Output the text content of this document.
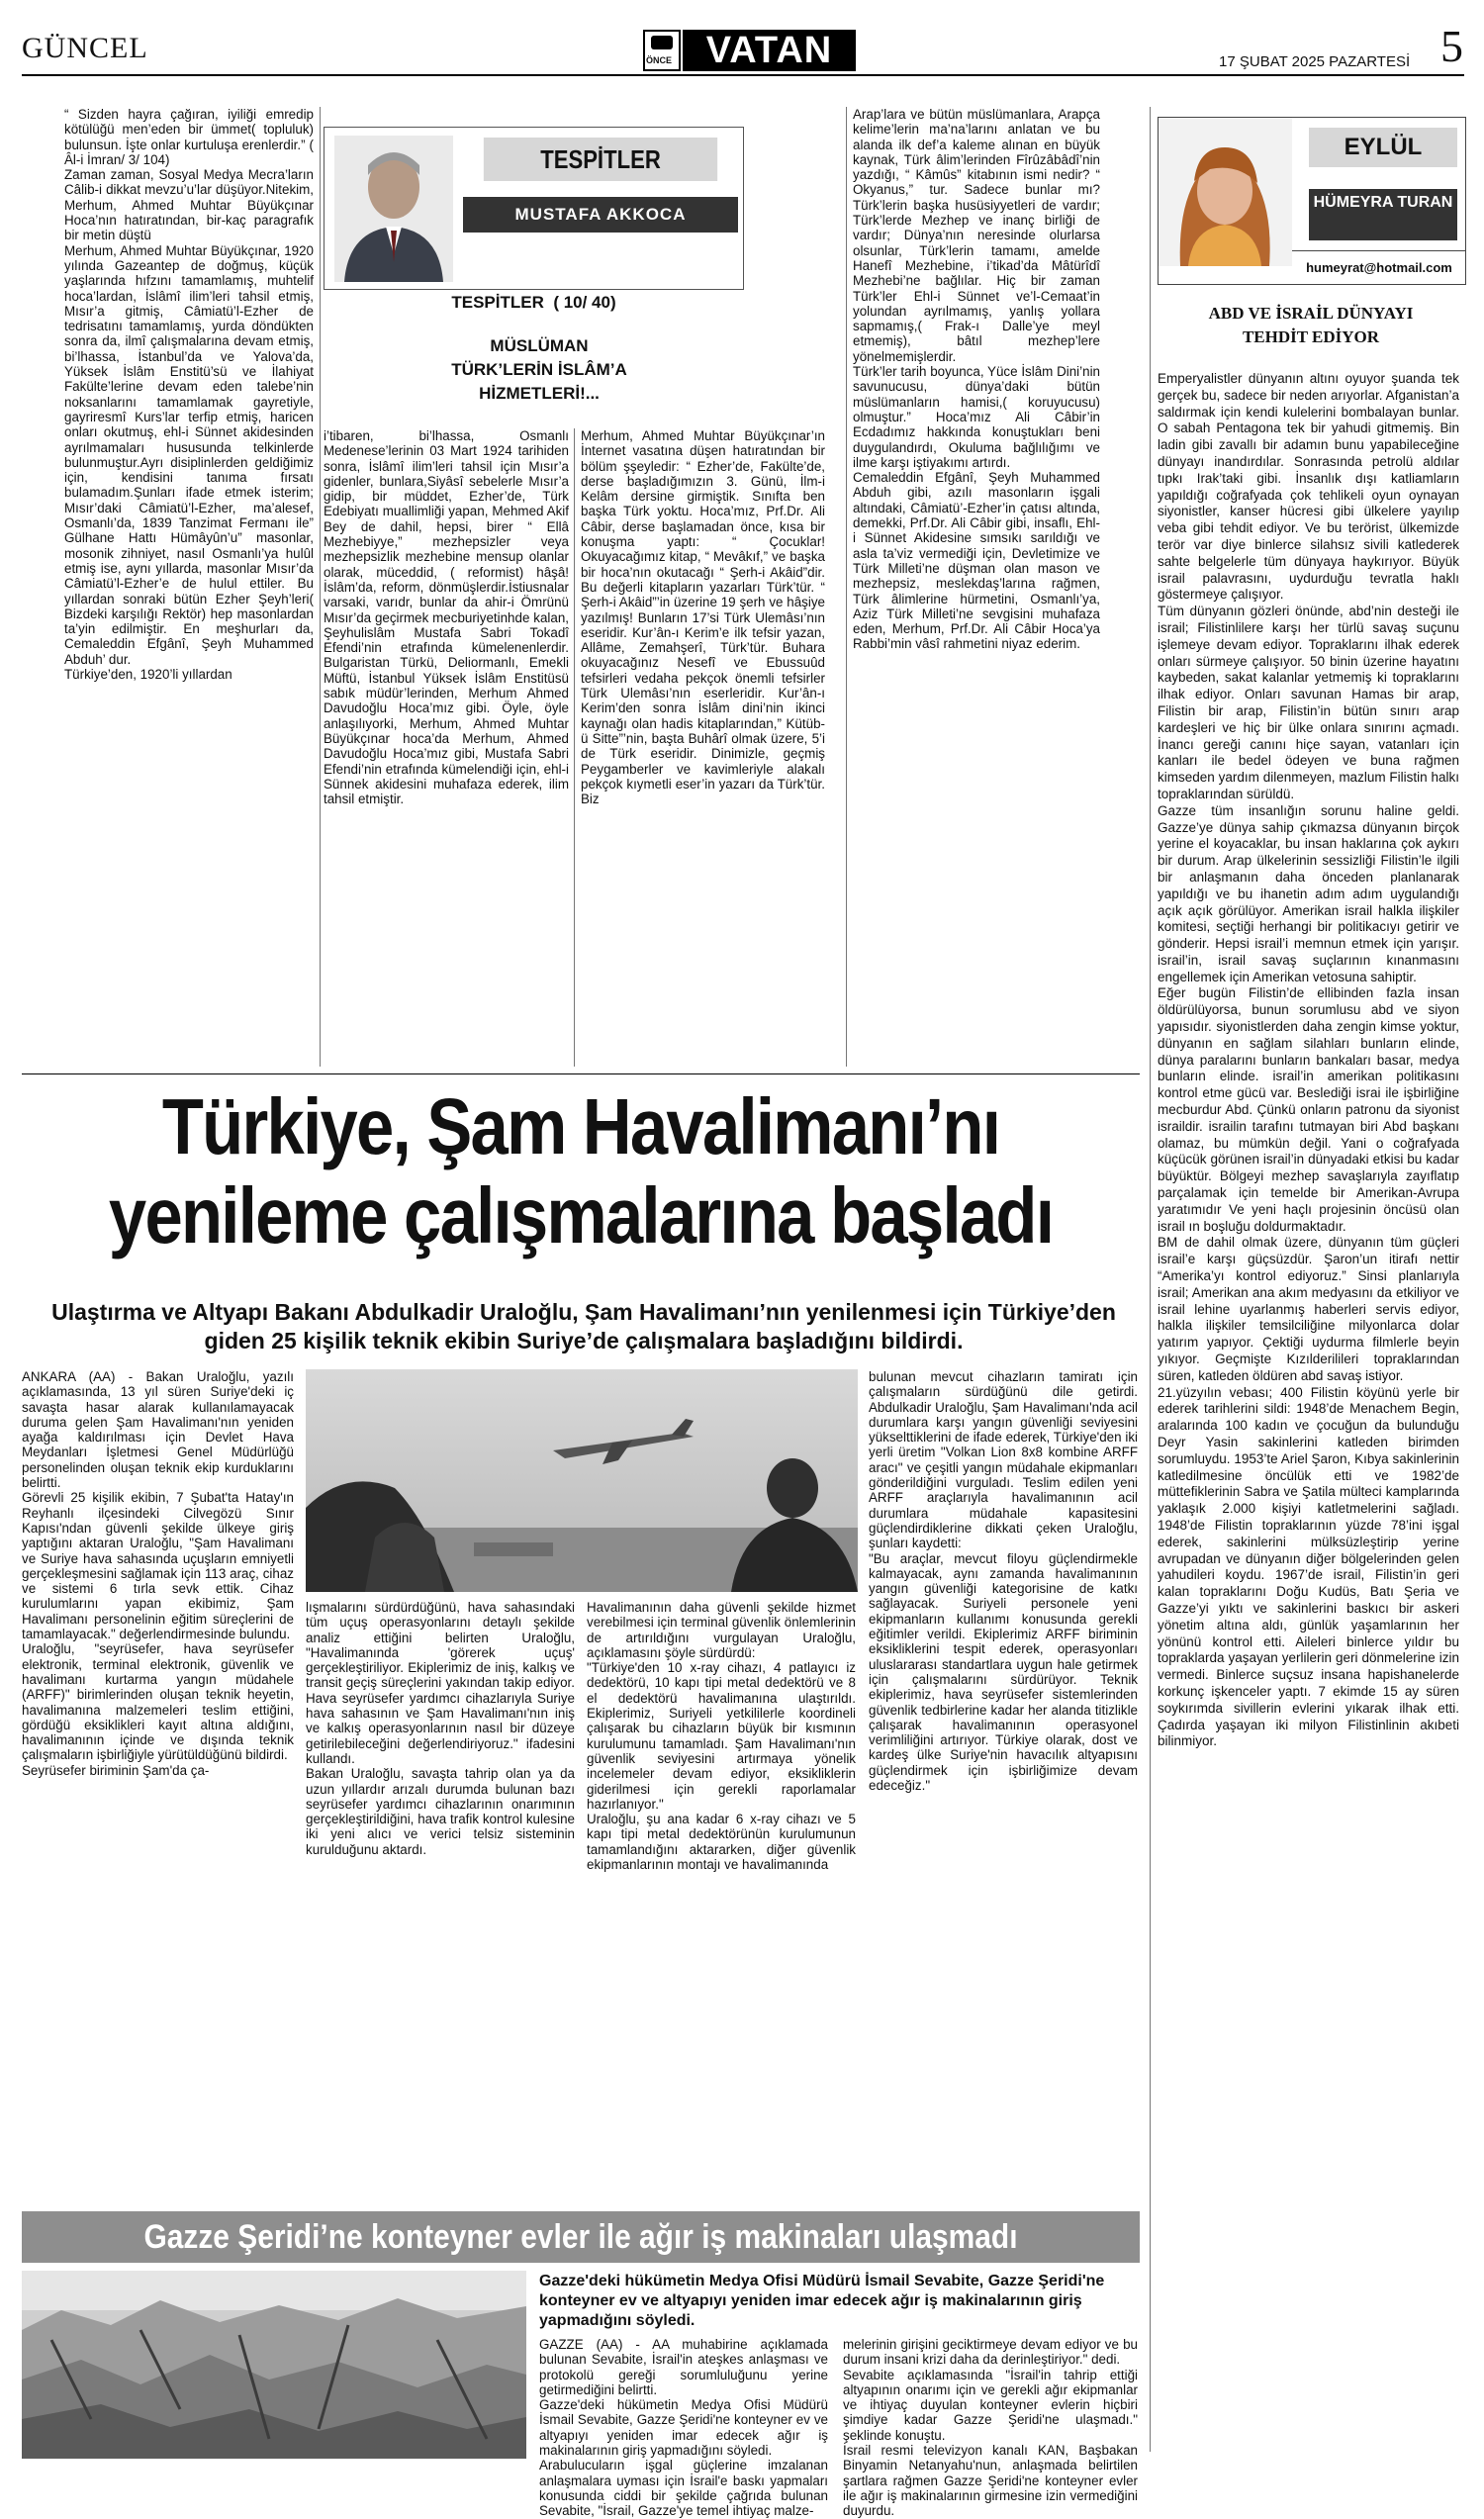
GÜNCEL	ÖNCE VATAN	17 ŞUBAT 2025 PAZARTESİ 5
“ Sizden hayra çağıran, iyiliği emredip kötülüğü men’eden bir ümmet( topluluk) bulunsun. İşte onlar kurtuluşa erenlerdir.” ( Âl-i İmran/ 3/ 104)
Zaman zaman, Sosyal Medya Mecra’ların Câlib-i dikkat mevzu’u’lar düşüyor.Nitekim, Merhum, Ahmed Muhtar Büyükçınar Hoca’nın hatıratından, bir-kaç paragrafık bir metin düştü
Merhum, Ahmed Muhtar Büyükçınar, 1920 yılında Gazeantep de doğmuş, küçük yaşlarında hıfzını tamamlamış, muhtelif hoca’lardan, İslâmî ilim’leri tahsil etmiş, Mısır’a gitmiş, Câmiatü’l-Ezher de tedrisatını tamamlamış, yurda döndükten sonra da, ilmî çalışmalarına devam etmiş, bi’lhassa, İstanbul’da ve Yalova’da, Yüksek İslâm Enstitü’sü ve İlahiyat Fakülte’lerine devam eden talebe’nin noksanlarını tamamlamak gayretiyle, gayriresmî Kurs’lar terfip etmiş, haricen onları okutmuş, ehl-i Sünnet akidesinden ayrılmamaları hususunda telkinlerde bulunmuştur.Ayrı disiplinlerden geldiğimiz için, kendisini tanıma fırsatı bulamadım.Şunları ifade etmek isterim; Mısır’daki Câmiatü’l-Ezher, ma’alesef, Osmanlı’da, 1839 Tanzimat Fermanı ile” Gülhane Hattı Hümâyûn’u” masonlar, mosonik zihniyet, nasıl Osmanlı’ya hulûl etmiş ise, aynı yıllarda, masonlar Mısır’da Câmiatü’l-Ezher’e de hulul ettiler. Bu yıllardan sonraki bütün Ezher Şeyh’leri( Bizdeki karşılığı Rektör) hep masonlardan ta’yin edilmiştir. En meşhurları da, Cemaleddin Efgânî, Şeyh Muhammed Abduh’ dur.
Türkiye’den, 1920’li yıllardan
TESPİTLER
MUSTAFA AKKOCA
TESPİTLER  ( 10/ 40)
MÜSLÜMAN TÜRK’LERİN İSLÂM’A HİZMETLERİ!...
i’tibaren, bi’lhassa, Osmanlı Medenese’lerinin 03 Mart 1924 tarihiden sonra, İslâmî ilim’leri tahsil için Mısır’a gidenler, bunlara,Siyâsî sebelerle Mısır’a gidip, bir müddet, Ezher’de, Türk Edebiyatı muallimliği yapan, Mehmed Akif Bey de dahil, hepsi, birer “ Ellâ Mezhebiyye,” mezhepsizler veya mezhepsizlik mezhebine mensup olanlar olarak, müceddid, ( reformist) hâşâ! İslâm’da, reform, dönmüşlerdir.İstiusnalar varsaki, varıdr, bunlar da ahir-i Ömrünü Mısır’da geçirmek mecburiyetinhde kalan, Şeyhulislâm Mustafa Sabri Tokadî Efendi’nin etrafında kümelenenlerdir. Bulgaristan Türkü, Deliormanlı, Emekli Müftü, İstanbul Yüksek İslâm Enstitüsü sabık müdür’lerinden, Merhum Ahmed Davudoğlu Hoca’mız gibi. Öyle, öyle anlaşılıyorki, Merhum, Ahmed Muhtar Büyükçınar hoca’da Merhum, Ahmed Davudoğlu Hoca’mız gibi, Mustafa Sabri Efendi’nin etrafında kümelendiği için, ehl-i Sünnek akidesini muhafaza ederek, ilim tahsil etmiştir.
Merhum, Ahmed Muhtar Büyükçınar’ın İnternet vasatına düşen hatıratından bir bölüm şşeyledir: “ Ezher’de, Fakülte’de, derse başladığımızın 3. Günü, İlm-i Kelâm dersine girmiştik. Sınıfta ben başka Türk yoktu. Hoca’mız, Prf.Dr. Ali Câbir, derse başlamadan önce, kısa bir konuşma yaptı: “ Çocuklar! Okuyacağımız kitap, “ Mevâkıf,” ve başka bir hoca’nın okutacağı “ Şerh-i Akâid”dir. Bu değerli kitapların yazarları Türk’tür. “ Şerh-i Akâid”’in üzerine 19 şerh ve hâşiye yazılmış! Bunların 17’si Türk Ulemâsı’nın eseridir. Kur’ân-ı Kerim’e ilk tefsir yazan, Allâme, Zemahşerî, Türk’tür. Buhara okuyacağınız Nesefî ve Ebussuûd tefsirleri vedaha pekçok önemli tefsirler Türk Ulemâsı’nın eserleridir. Kur’ân-ı Kerim’den sonra İslâm dini’nin ikinci kaynağı olan hadis kitaplarından,” Kütüb-ü Sitte”’nin, başta Buhârî olmak üzere, 5’i de Türk eseridir. Dinimizle, geçmiş Peygamberler ve kavimleriyle alakalı pekçok kıymetli eser’in yazarı da Türk’tür. Biz
Arap’lara ve bütün müslümanlara, Arapça kelime’lerin ma’na’larını anlatan ve bu alanda ilk def’a kaleme alınan en büyük kaynak, Türk âlim’lerinden Fîrûzâbâdî’nin yazdığı, “ Kâmûs” kitabının ismi nedir? “ Okyanus,” tur. Sadece bunlar mı? Türk’lerin başka husüsiyyetleri de vardır; Türk’lerde Mezhep ve inanç birliği de vardır; Dünya’nın neresinde olurlarsa olsunlar, Türk’lerin tamamı, amelde Hanefî Mezhebine, i’tikad’da Mâtürîdî Mezhebi’ne bağlılar. Hiç bir zaman Türk’ler Ehl-i Sünnet ve’l-Cemaat’in yolundan ayrılmamış, yanlış yollara sapmamış,( Frak-ı Dalle’ye meyl etmemiş), bâtıl mezhep’lere yönelmemişlerdir.
Türk’ler tarih boyunca, Yüce İslâm Dini’nin savunucusu, dünya’daki bütün müslümanların hamisi,( koruyucusu) olmuştur.” Hoca’mız Ali Câbir’in Ecdadımız hakkında konuştukları beni duygulandırdı, Okuluma bağlılığımı ve ilme karşı iştiyakımı artırdı.
Cemaleddin Efgânî, Şeyh Muhammed Abduh gibi, azılı masonların işgali altındaki, Câmiatü’-Ezher’in çatısı altında, demekki, Prf.Dr. Ali Câbir gibi, insaflı, Ehl-i Sünnet Akidesine sımsıkı sarıldığı ve asla ta’viz vermediği için, Devletimize ve Türk Milleti’ne düşman olan mason ve mezhepsiz, meslekdaş’larına rağmen, Türk âlimlerine hürmetini, Osmanlı’ya, Aziz Türk Milleti’ne sevgisini muhafaza eden, Merhum, Prf.Dr. Ali Câbir Hoca’ya Rabbi’min vâsî rahmetini niyaz ederim.
EYLÜL
HÜMEYRA TURAN
humeyrat@hotmail.com
ABD VE İSRAİL DÜNYAYI TEHDİT EDİYOR
Emperyalistler dünyanın altını oyuyor şuanda tek gerçek bu, sadece bir neden arıyorlar. Afganistan’a saldırmak için kendi kulelerini bombalayan bunlar. O sabah Pentagona tek bir yahudi gitmemiş. Bin ladin gibi zavallı bir adamın bunu yapabileceğine dünyayı inandırdılar. Sonrasında petrolü aldılar tıpkı Irak’taki gibi. İnsanlık dışı katliamların yapıldığı coğrafyada çok tehlikeli oyun oynayan siyonistler, kanser hücresi gibi ülkelere yayılıp veba gibi tehdit ediyor. Ve bu terörist, ülkemizde terör var diye binlerce silahsız sivili katlederek sahte belgelerle tüm dünyaya haykırıyor. Büyük israil palavrasını, uydurduğu tevratla haklı göstermeye çalışıyor.
Tüm dünyanın gözleri önünde, abd’nin desteği ile israil; Filistinlilere karşı her türlü savaş suçunu işlemeye devam ediyor. Topraklarını ilhak ederek onları sürmeye çalışıyor. 50 binin üzerine hayatını kaybeden, sakat kalanlar yetmemiş ki topraklarını ilhak ediyor. Onları savunan Hamas bir arap, Filistin bir arap, Filistin’in bütün sınırı arap kardeşleri ve hiç bir ülke onlara sınırını açmadı. İnancı gereği canını hiçe sayan, vatanları için kanları ile bedel ödeyen ve buna rağmen kimseden yardım dilenmeyen, mazlum Filistin halkı topraklarından sürüldü.
Gazze tüm insanlığın sorunu haline geldi. Gazze’ye dünya sahip çıkmazsa dünyanın birçok yerine el koyacaklar, bu insan haklarına çok aykırı bir durum. Arap ülkelerinin sessizliği Filistin’le ilgili bir anlaşmanın daha önceden planlanarak yapıldığı ve bu ihanetin adım adım uygulandığı açık açık görülüyor. Amerikan israil halkla ilişkiler komitesi, seçtiği herhangi bir politikacıyı getirir ve gönderir. Hepsi israil’i memnun etmek için yarışır. israil’in, israil savaş suçlarının kınanmasını engellemek için Amerikan vetosuna sahiptir.
Eğer bugün Filistin’de ellibinden fazla insan öldürülüyorsa, bunun sorumlusu abd ve siyon yapısıdır. siyonistlerden daha zengin kimse yoktur, dünyanın en sağlam silahları bunların elinde, dünya paralarını bunların bankaları basar, medya bunların elinde. israil’in amerikan politikasını kontrol etme gücü var. Beslediği israi ile işbirliğine mecburdur Abd. Çünkü onların patronu da siyonist israildir. israilin tarafını tutmayan biri Abd başkanı olamaz, bu mümkün değil. Yani o coğrafyada küçücük görünen israil’in dünyadaki etkisi bu kadar büyüktür. Bölgeyi mezhep savaşlarıyla zayıflatıp parçalamak için temelde bir Amerikan-Avrupa yaratımıdır Ve yeni haçlı projesinin öncüsü olan israil ın boşluğu doldurmaktadır.
BM de dahil olmak üzere, dünyanın tüm güçleri israil’e karşı güçsüzdür. Şaron’un itirafı nettir “Amerika’yı kontrol ediyoruz.” Sinsi planlarıyla israil; Amerikan ana akım medyasını da etkiliyor ve israil lehine uyarlanmış haberleri servis ediyor, halkla ilişkiler temsilciliğine milyonlarca dolar yatırım yapıyor. Çektiği uydurma filmlerle beyin yıkıyor. Geçmişte Kızılderilileri topraklarından süren, katleden öldüren abd savaş istiyor.
21.yüzyılın vebası; 400 Filistin köyünü yerle bir ederek tarihlerini sildi: 1948’de Menachem Begin, aralarında 100 kadın ve çocuğun da bulunduğu Deyr Yasin sakinlerini katleden birimden sorumluydu. 1953’te Ariel Şaron, Kıbya sakinlerinin katledilmesine öncülük etti ve 1982’de müttefiklerinin Sabra ve Şatila mülteci kamplarında yaklaşık 2.000 kişiyi katletmelerini sağladı. 1948’de Filistin topraklarının yüzde 78’ini işgal ederek, sakinlerini mülksüzleştirip yerine avrupadan ve dünyanın diğer bölgelerinden gelen yahudileri koydu. 1967’de israil, Filistin’in geri kalan topraklarını Doğu Kudüs, Batı Şeria ve Gazze’yi yıktı ve sakinlerini baskıcı bir askeri yönetim altına aldı, günlük yaşamlarının her yönünü kontrol etti. Aileleri binlerce yıldır bu topraklarda yaşayan yerlilerin geri dönmelerine izin vermedi. Binlerce suçsuz insana hapishanelerde korkunç işkenceler yaptı. 7 ekimde 15 ay süren soykırımda sivillerin evlerini yıkarak ilhak etti. Çadırda yaşayan iki milyon Filistinlinin akıbeti bilinmiyor.
Türkiye, Şam Havalimanı’nı
yenileme çalışmalarına başladı
Ulaştırma ve Altyapı Bakanı Abdulkadir Uraloğlu, Şam Havalimanı’nın yenilenmesi için Türkiye’den giden 25 kişilik teknik ekibin Suriye’de çalışmalara başladığını bildirdi.
ANKARA (AA) - Bakan Uraloğlu, yazılı açıklamasında, 13 yıl süren Suriye'deki iç savaşta hasar alarak kullanılamayacak duruma gelen Şam Havalimanı'nın yeniden ayağa kaldırılması için Devlet Hava Meydanları İşletmesi Genel Müdürlüğü personelinden oluşan teknik ekip kurduklarını belirtti.
Görevli 25 kişilik ekibin, 7 Şubat'ta Hatay'ın Reyhanlı ilçesindeki Cilvegözü Sınır Kapısı'ndan güvenli şekilde ülkeye giriş yaptığını aktaran Uraloğlu, "Şam Havalimanı ve Suriye hava sahasında uçuşların emniyetli gerçekleşmesini sağlamak için 113 araç, cihaz ve sistemi 6 tırla sevk ettik. Cihaz kurulumlarını yapan ekibimiz, Şam Havalimanı personelinin eğitim süreçlerini de tamamlayacak." değerlendirmesinde bulundu.
Uraloğlu, "seyrüsefer, hava seyrüsefer elektronik, terminal elektronik, güvenlik ve havalimanı kurtarma yangın müdahele (ARFF)" birimlerinden oluşan teknik heyetin, havalimanına malzemeleri teslim ettiğini, gördüğü eksiklikleri kayıt altına aldığını, havalimanının içinde ve dışında teknik çalışmaların işbirliğiyle yürütüldüğünü bildirdi.
Seyrüsefer biriminin Şam'da ça-
lışmalarını sürdürdüğünü, hava sahasındaki tüm uçuş operasyonlarını detaylı şekilde analiz ettiğini belirten Uraloğlu, "Havalimanında 'görerek uçuş' gerçekleştiriliyor. Ekiplerimiz de iniş, kalkış ve transit geçiş süreçlerini yakından takip ediyor. Hava seyrüsefer yardımcı cihazlarıyla Suriye hava sahasının ve Şam Havalimanı'nın iniş ve kalkış operasyonlarının nasıl bir düzeye getirilebileceğini değerlendiriyoruz." ifadesini kullandı.
Bakan Uraloğlu, savaşta tahrip olan ya da uzun yıllardır arızalı durumda bulunan bazı seyrüsefer yardımcı cihazlarının onarımının gerçekleştirildiğini, hava trafik kontrol kulesine iki yeni alıcı ve verici telsiz sisteminin kurulduğunu aktardı.
Havalimanının daha güvenli şekilde hizmet verebilmesi için terminal güvenlik önlemlerinin de artırıldığını vurgulayan Uraloğlu, açıklamasını şöyle sürdürdü:
"Türkiye'den 10 x-ray cihazı, 4 patlayıcı iz dedektörü, 10 kapı tipi metal dedektörü ve 8 el dedektörü havalimanına ulaştırıldı. Ekiplerimiz, Suriyeli yetkililerle koordineli çalışarak bu cihazların büyük bir kısmının kurulumunu tamamladı. Şam Havalimanı'nın güvenlik seviyesini artırmaya yönelik incelemeler devam ediyor, eksikliklerin giderilmesi için gerekli raporlamalar hazırlanıyor."
Uraloğlu, şu ana kadar 6 x-ray cihazı ve 5 kapı tipi metal dedektörünün kurulumunun tamamlandığını aktararken, diğer güvenlik ekipmanlarının montajı ve havalimanında
bulunan mevcut cihazların tamiratı için çalışmaların sürdüğünü dile getirdi. Abdulkadir Uraloğlu, Şam Havalimanı'nda acil durumlara karşı yangın güvenliği seviyesini yükselttiklerini de ifade ederek, Türkiye'den iki yerli üretim "Volkan Lion 8x8 kombine ARFF aracı" ve çeşitli yangın müdahale ekipmanları gönderildiğini vurguladı. Teslim edilen yeni ARFF araçlarıyla havalimanının acil durumlara müdahale kapasitesini güçlendirdiklerine dikkati çeken Uraloğlu, şunları kaydetti:
"Bu araçlar, mevcut filoyu güçlendirmekle kalmayacak, aynı zamanda havalimanının yangın güvenliği kategorisine de katkı sağlayacak. Suriyeli personele yeni ekipmanların kullanımı konusunda gerekli eğitimler verildi. Ekiplerimiz ARFF biriminin eksikliklerini tespit ederek, operasyonları uluslararası standartlara uygun hale getirmek için çalışmalarını sürdürüyor. Teknik ekiplerimiz, hava seyrüsefer sistemlerinden güvenlik tedbirlerine kadar her alanda titizlikle çalışarak havalimanının operasyonel verimliliğini artırıyor. Türkiye olarak, dost ve kardeş ülke Suriye'nin havacılık altyapısını güçlendirmek için işbirliğimize devam edeceğiz."
Gazze Şeridi’ne konteyner evler ile ağır iş makinaları ulaşmadı
Gazze'deki hükümetin Medya Ofisi Müdürü İsmail Sevabite, Gazze Şeridi'ne konteyner ev ve altyapıyı yeniden imar edecek ağır iş makinalarının giriş yapmadığını söyledi.
GAZZE (AA) - AA muhabirine açıklamada bulunan Sevabite, İsrail'in ateşkes anlaşması ve protokolü gereği sorumluluğunu yerine getirmediğini belirtti.
Gazze'deki hükümetin Medya Ofisi Müdürü İsmail Sevabite, Gazze Şeridi'ne konteyner ev ve altyapıyı yeniden imar edecek ağır iş makinalarının giriş yapmadığını söyledi.
Arabulucuların işgal güçlerine imzalanan anlaşmalara uyması için İsrail'e baskı yapmaları konusunda ciddi bir şekilde çağrıda bulunan Sevabite, "İsrail, Gazze'ye temel ihtiyaç malze-
melerinin girişini geciktirmeye devam ediyor ve bu durum insani krizi daha da derinleştiriyor." dedi.
Sevabite açıklamasında "İsrail'in tahrip ettiği altyapının onarımı için ve gerekli ağır ekipmanlar ve ihtiyaç duyulan konteyner evlerin hiçbiri şimdiye kadar Gazze Şeridi'ne ulaşmadı." şeklinde konuştu.
İsrail resmi televizyon kanalı KAN, Başbakan Binyamin Netanyahu'nun, anlaşmada belirtilen şartlara rağmen Gazze Şeridi'ne konteyner evler ile ağır iş makinalarının girmesine izin vermediğini duyurdu.
